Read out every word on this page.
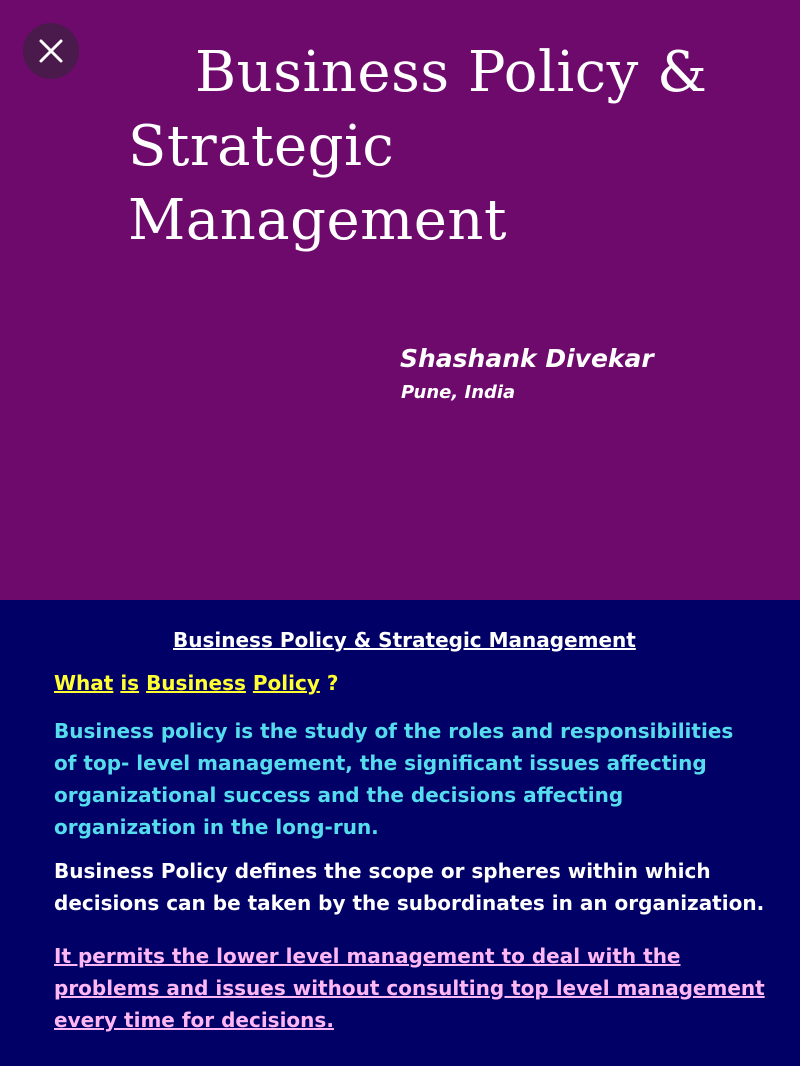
Business Policy &
Strategic
Management
Shashank Divekar
Pune, India
Business Policy & Strategic Management
What is Business Policy ?
Business policy is the study of the roles and responsibilities
of top- level management, the significant issues affecting
organizational success and the decisions affecting
organization in the long-run.
Business Policy defines the scope or spheres within which
decisions can be taken by the subordinates in an organization.
It permits the lower level management to deal with the
problems and issues without consulting top level management
every time for decisions.
